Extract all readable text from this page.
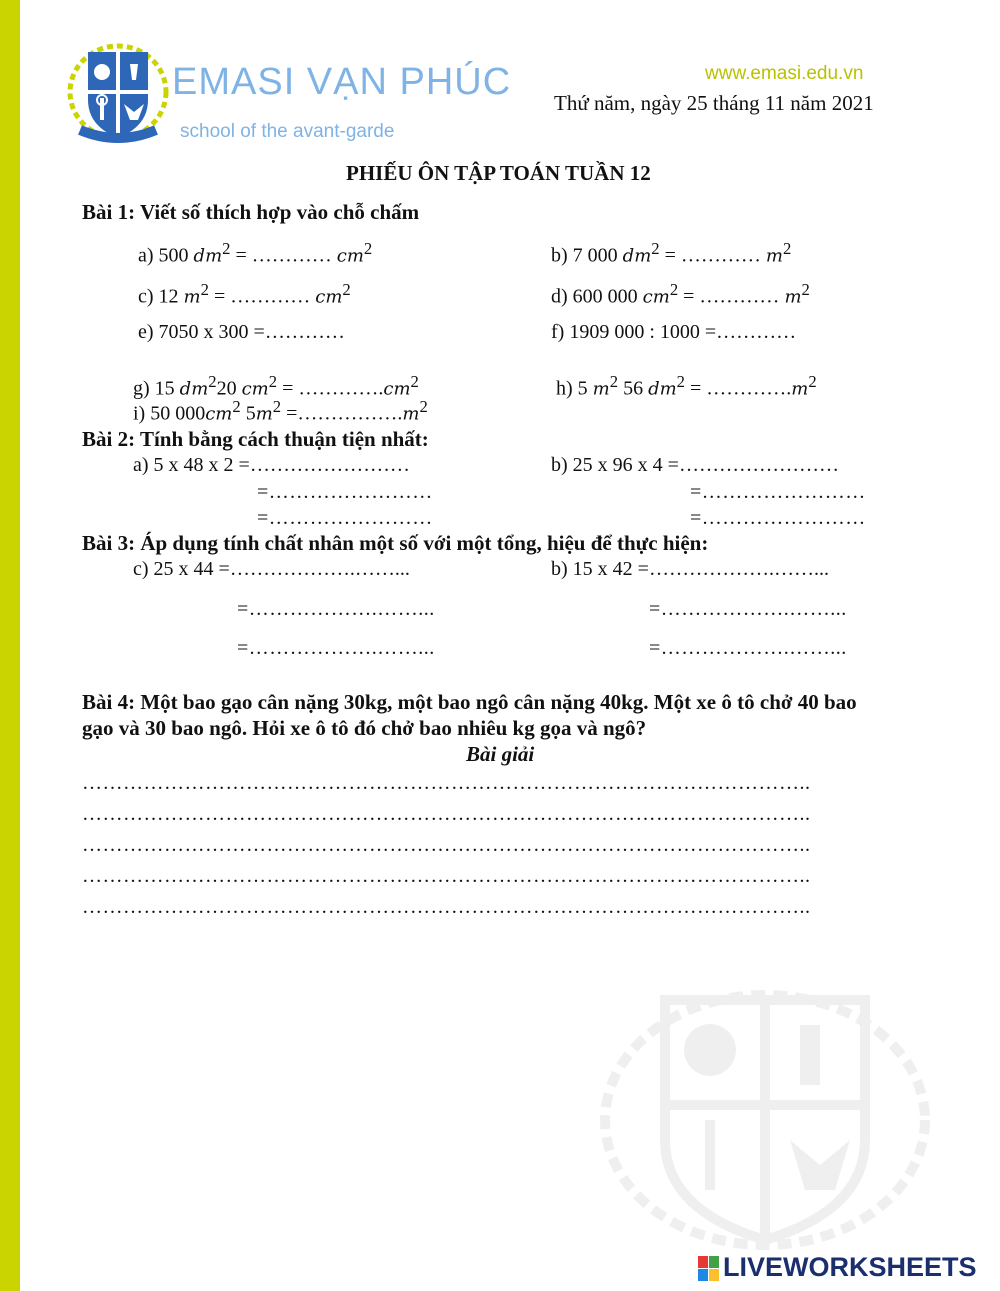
EMASI VẠN PHÚC
school of the avant-garde
www.emasi.edu.vn
Thứ năm, ngày 25 tháng 11 năm 2021
PHIẾU ÔN TẬP TOÁN TUẦN 12
Bài 1: Viết số thích hợp vào chỗ chấm
a) 500 $dm^2$ = ………… $cm^2$	b) 7 000 $dm^2$ = ………… $m^2$
c) 12 $m^2$ = ………… $cm^2$	d) 600 000 $cm^2$ = ………… $m^2$
e) 7050 x 300 =…………	f) 1909 000 : 1000 =…………
g) 15 $dm^220$ $cm^2$ = $\dots\dots\dots\dots.cm^2$	h) 5 $m^2$ 56 $dm^2$ = $\dots\dots\dots\dots.m^2$
i) 50 $000cm^2$ $5m^2$ $=\dots\dots\dots\dots\dots.m^2$
Bài 2: Tính bằng cách thuận tiện nhất:
a) 5 x 48 x 2 =……………………	b) 25 x 96 x 4 =……………………
=……………………	=……………………
=……………………	=……………………
Bài 3: Áp dụng tính chất nhân một số với một tổng, hiệu để thực hiện:
c) 25 x 44 =……………….……...	b) 15 x 42 =……………….……...
=……………….……...	=……………….……...
=……………….……...	=……………….……...
Bài 4: Một bao gạo cân nặng 30kg, một bao ngô cân nặng 40kg. Một xe ô tô chở 40 bao
gạo và 30 bao ngô. Hỏi xe ô tô đó chở bao nhiêu kg gọa và ngô?
Bài giải
……………………………………………………………………………………………..
……………………………………………………………………………………………..
……………………………………………………………………………………………..
……………………………………………………………………………………………..
……………………………………………………………………………………………..
LIVEWORKSHEETS
